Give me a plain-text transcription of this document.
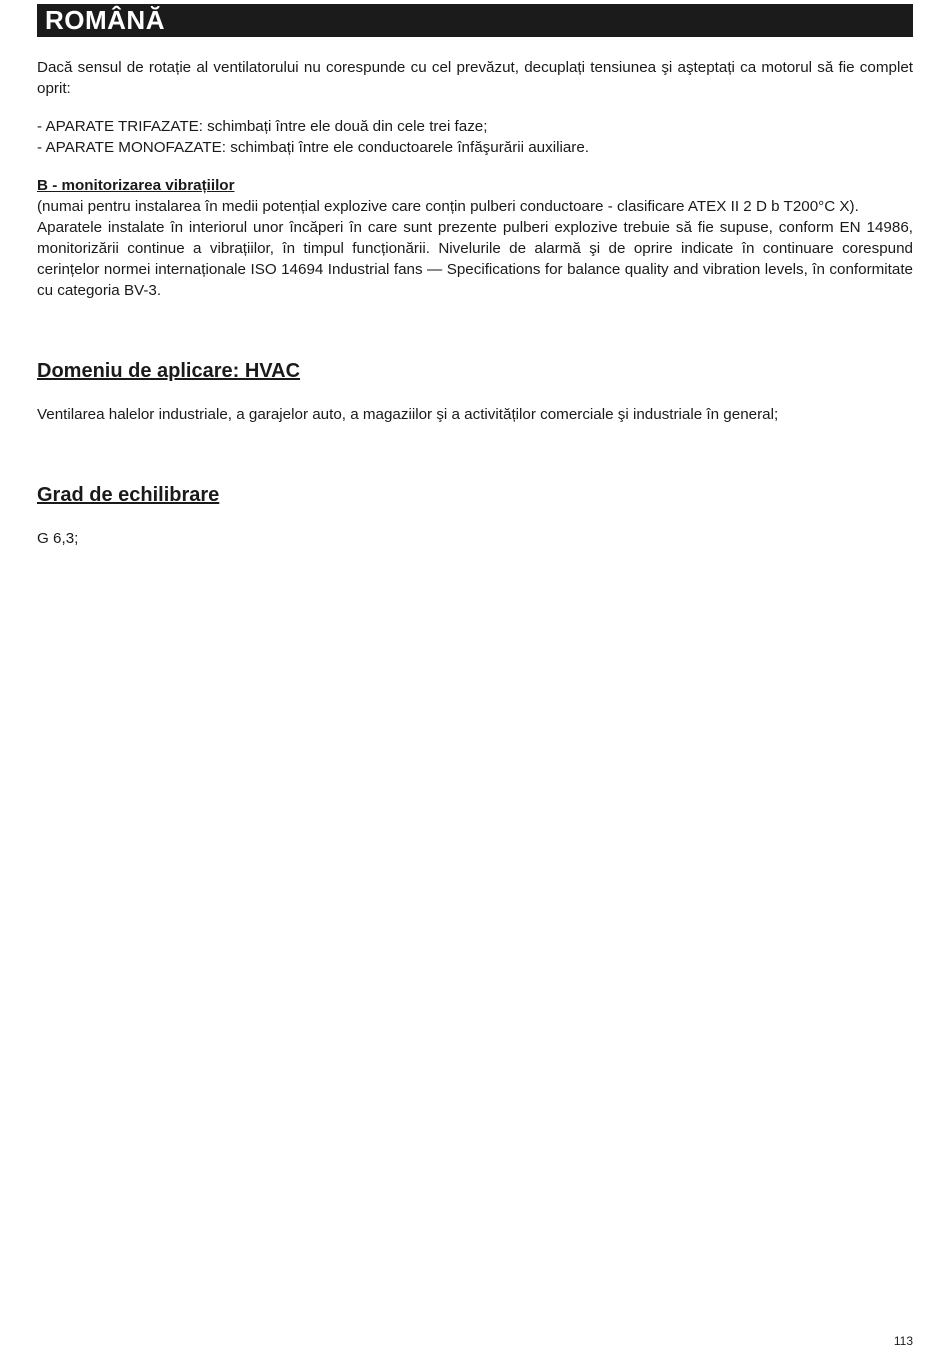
ROMÂNĂ

Dacă sensul de rotație al ventilatorului nu corespunde cu cel prevăzut, decuplați tensiunea şi aşteptați ca motorul să fie complet oprit:

- APARATE TRIFAZATE: schimbați între ele două din cele trei faze;

- APARATE MONOFAZATE: schimbați între ele conductoarele înfăşurării auxiliare.

B - monitorizarea vibrațiilor

(numai pentru instalarea în medii potențial explozive care conțin pulberi conductoare - clasificare ATEX II 2 D b T200°C X).

Aparatele instalate în interiorul unor încăperi în care sunt prezente pulberi explozive trebuie să fie supuse, conform EN 14986, monitorizării continue a vibrațiilor, în timpul funcționării. Nivelurile de alarmă şi de oprire indicate în continuare corespund cerințelor normei internaționale ISO 14694 Industrial fans — Specifications for balance quality and vibration levels, în conformitate cu categoria BV-3.

Domeniu de aplicare: HVAC

Ventilarea halelor industriale, a garajelor auto, a magaziilor şi a activităților comerciale şi industriale în general;

Grad de echilibrare

G 6,3;

113
